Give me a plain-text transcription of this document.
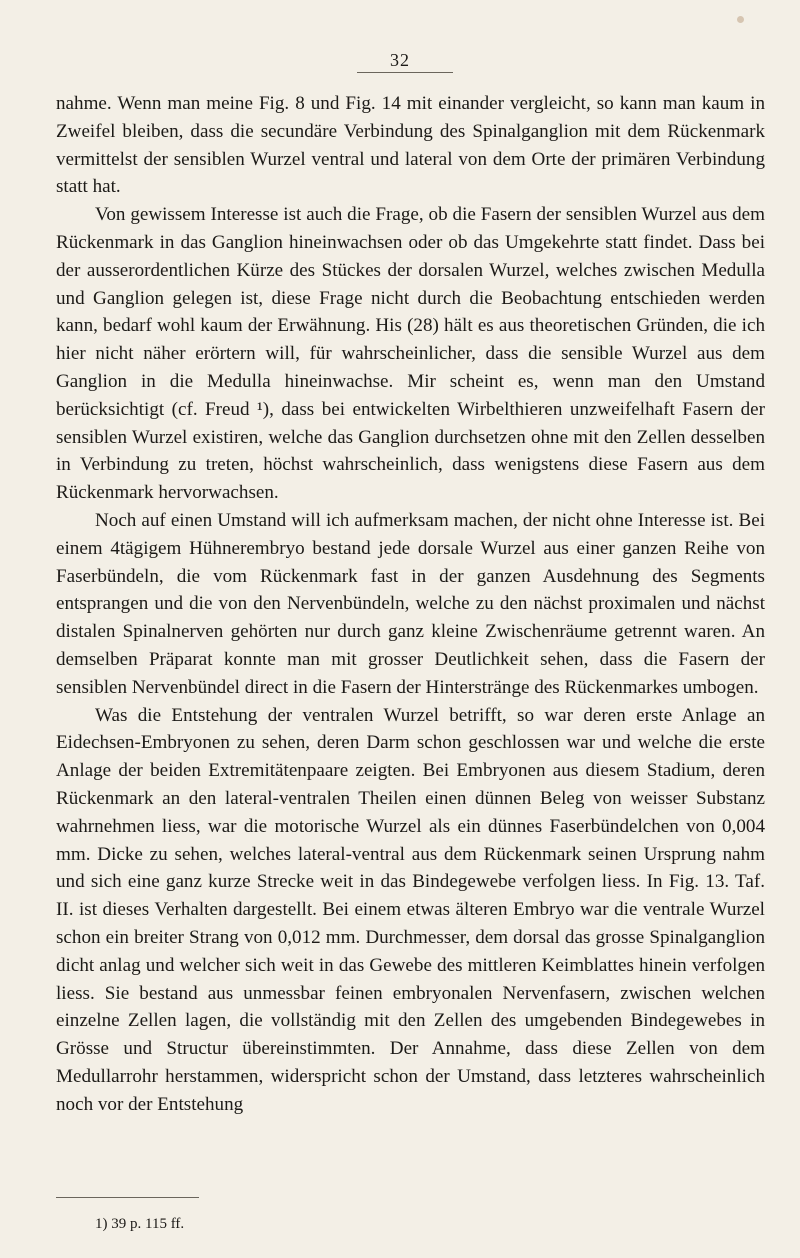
32

nahme. Wenn man meine Fig. 8 und Fig. 14 mit einander vergleicht, so kann man kaum in Zweifel bleiben, dass die secundäre Verbindung des Spinalganglion mit dem Rückenmark vermittelst der sensiblen Wurzel ventral und lateral von dem Orte der primären Verbindung statt hat.

Von gewissem Interesse ist auch die Frage, ob die Fasern der sensiblen Wurzel aus dem Rückenmark in das Ganglion hineinwachsen oder ob das Umgekehrte statt findet. Dass bei der ausserordentlichen Kürze des Stückes der dorsalen Wurzel, welches zwischen Medulla und Ganglion gelegen ist, diese Frage nicht durch die Beobachtung entschieden werden kann, bedarf wohl kaum der Erwähnung. His (28) hält es aus theoretischen Gründen, die ich hier nicht näher erörtern will, für wahrscheinlicher, dass die sensible Wurzel aus dem Ganglion in die Medulla hineinwachse. Mir scheint es, wenn man den Umstand berücksichtigt (cf. Freud ¹), dass bei entwickelten Wirbelthieren unzweifelhaft Fasern der sensiblen Wurzel existiren, welche das Ganglion durchsetzen ohne mit den Zellen desselben in Verbindung zu treten, höchst wahrscheinlich, dass wenigstens diese Fasern aus dem Rückenmark hervorwachsen.

Noch auf einen Umstand will ich aufmerksam machen, der nicht ohne Interesse ist. Bei einem 4tägigem Hühnerembryo bestand jede dorsale Wurzel aus einer ganzen Reihe von Faserbündeln, die vom Rückenmark fast in der ganzen Ausdehnung des Segments entsprangen und die von den Nervenbündeln, welche zu den nächst proximalen und nächst distalen Spinalnerven gehörten nur durch ganz kleine Zwischenräume getrennt waren. An demselben Präparat konnte man mit grosser Deutlichkeit sehen, dass die Fasern der sensiblen Nervenbündel direct in die Fasern der Hinterstränge des Rückenmarkes umbogen.

Was die Entstehung der ventralen Wurzel betrifft, so war deren erste Anlage an Eidechsen-Embryonen zu sehen, deren Darm schon geschlossen war und welche die erste Anlage der beiden Extremitätenpaare zeigten. Bei Embryonen aus diesem Stadium, deren Rückenmark an den lateral-ventralen Theilen einen dünnen Beleg von weisser Substanz wahrnehmen liess, war die motorische Wurzel als ein dünnes Faserbündelchen von 0,004 mm. Dicke zu sehen, welches lateral-ventral aus dem Rückenmark seinen Ursprung nahm und sich eine ganz kurze Strecke weit in das Bindegewebe verfolgen liess. In Fig. 13. Taf. II. ist dieses Verhalten dargestellt. Bei einem etwas älteren Embryo war die ventrale Wurzel schon ein breiter Strang von 0,012 mm. Durchmesser, dem dorsal das grosse Spinalganglion dicht anlag und welcher sich weit in das Gewebe des mittleren Keimblattes hinein verfolgen liess. Sie bestand aus unmessbar feinen embryonalen Nervenfasern, zwischen welchen einzelne Zellen lagen, die vollständig mit den Zellen des umgebenden Bindegewebes in Grösse und Structur übereinstimmten. Der Annahme, dass diese Zellen von dem Medullarrohr herstammen, widerspricht schon der Umstand, dass letzteres wahrscheinlich noch vor der Entstehung

1) 39 p. 115 ff.
